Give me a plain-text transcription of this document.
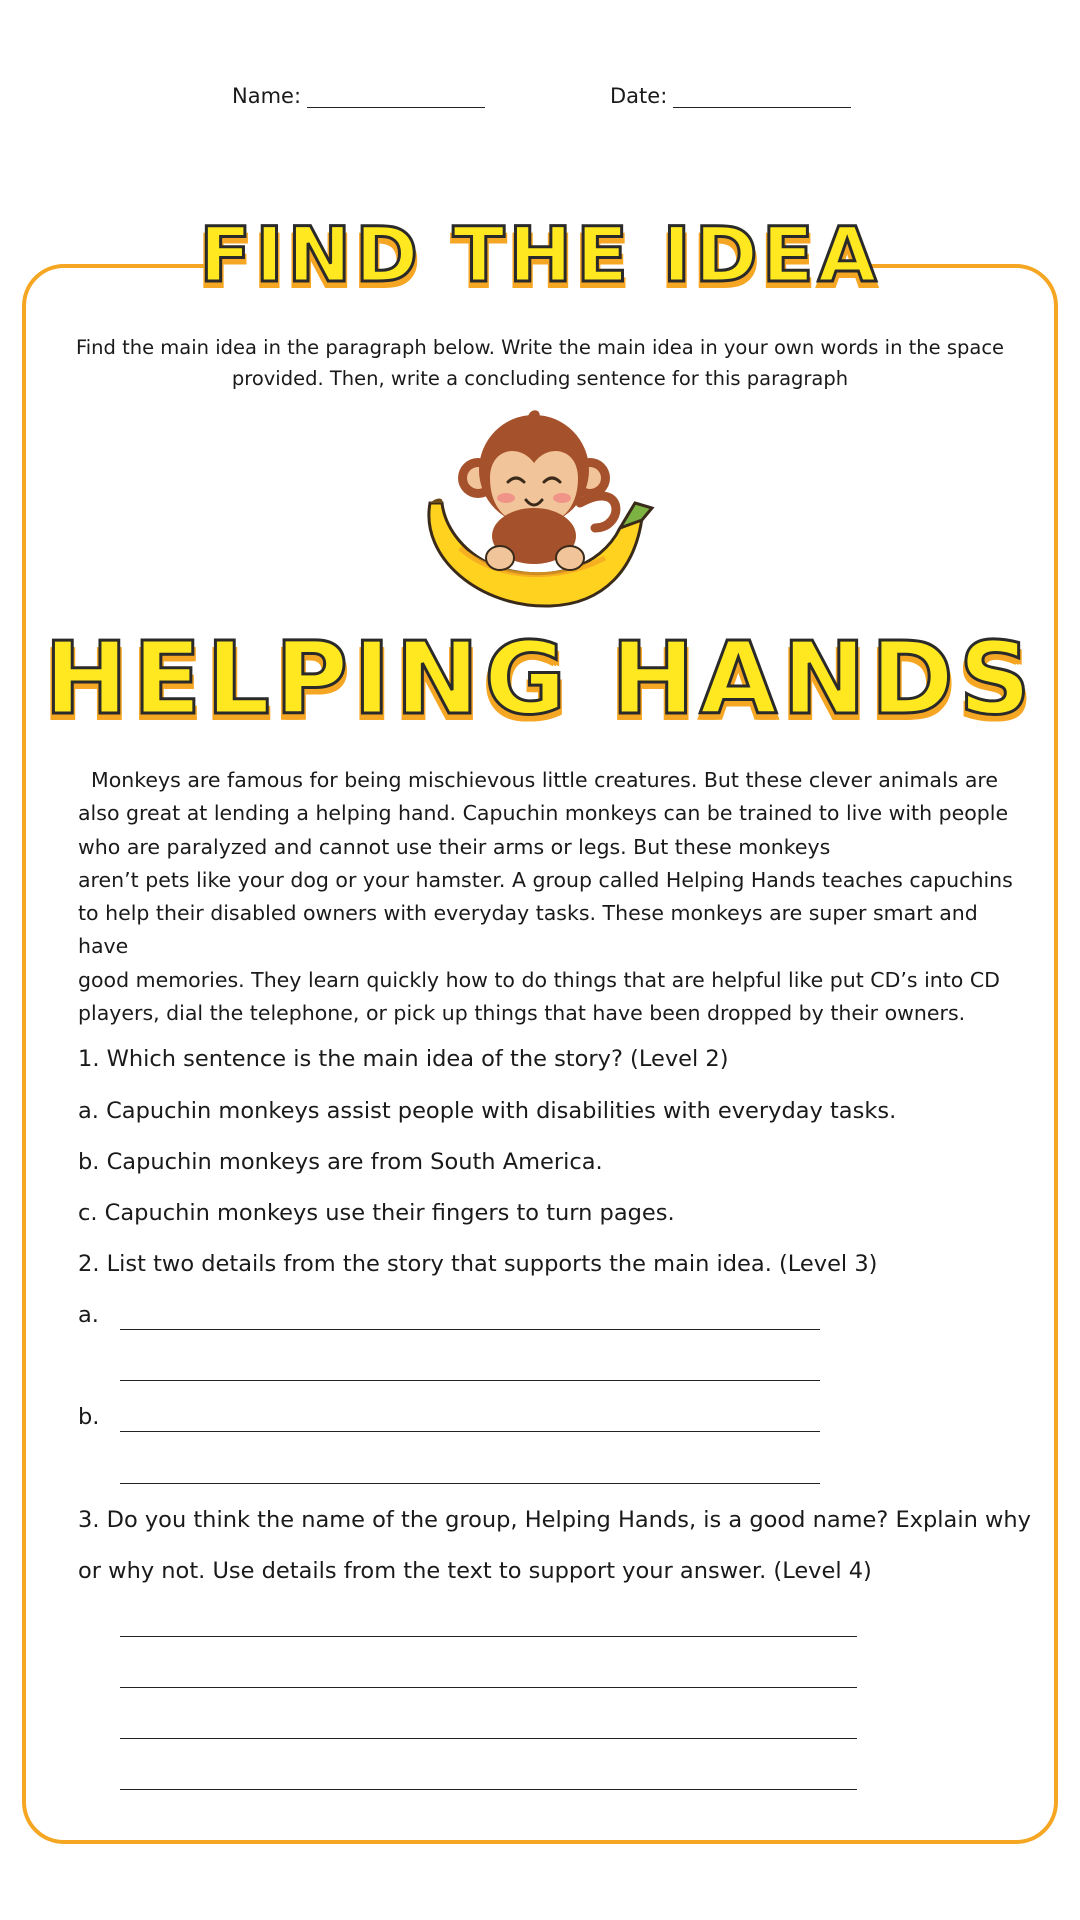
Name:	Date:
FIND THE IDEA
Find the main idea in the paragraph below. Write the main idea in your own words in the space provided. Then, write a concluding sentence for this paragraph
HELPING HANDS

Monkeys are famous for being mischievous little creatures. But these clever animals are

also great at lending a helping hand. Capuchin monkeys can be trained to live with people

who are paralyzed and cannot use their arms or legs. But these monkeys

aren’t pets like your dog or your hamster. A group called Helping Hands teaches capuchins

to help their disabled owners with everyday tasks. These monkeys are super smart and have

good memories. They learn quickly how to do things that are helpful like put CD’s into CD

players, dial the telephone, or pick up things that have been dropped by their owners.

1. Which sentence is the main idea of the story? (Level 2)
a. Capuchin monkeys assist people with disabilities with everyday tasks.
b. Capuchin monkeys are from South America.
c. Capuchin monkeys use their fingers to turn pages.
2. List two details from the story that supports the main idea. (Level 3)
a.
b.
3. Do you think the name of the group, Helping Hands, is a good name? Explain why
or why not. Use details from the text to support your answer. (Level 4)
